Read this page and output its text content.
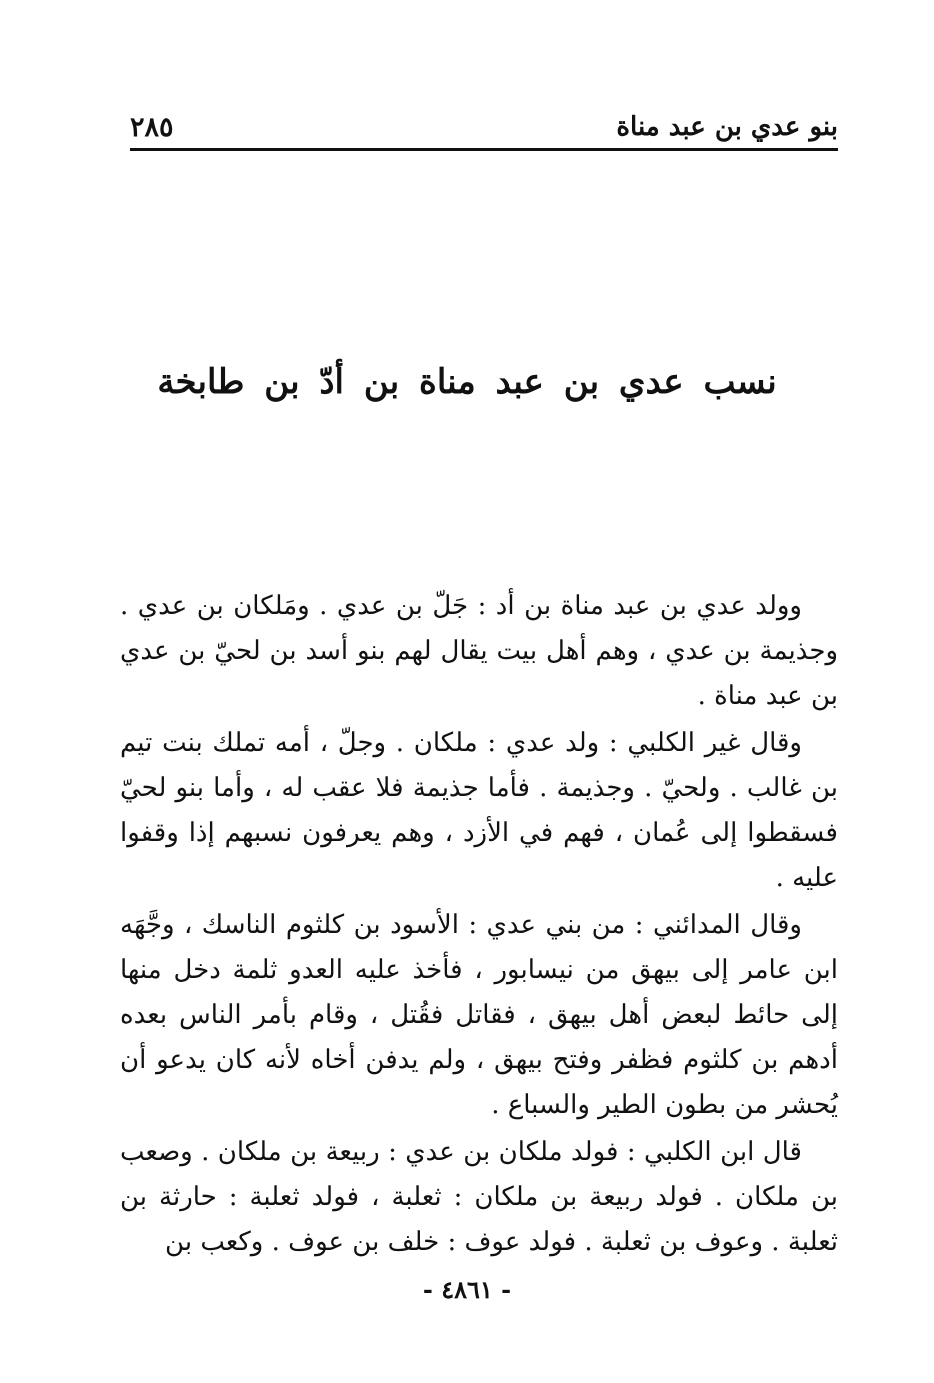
بنو عدي بن عبد مناة
٢٨٥
نسب عدي بن عبد مناة بن أدّ بن طابخة

وولد عدي بن عبد مناة بن أد : جَلّ بن عدي . ومَلكان بن عدي . وجذيمة بن عدي ، وهم أهل بيت يقال لهم بنو أسد بن لحيّ بن عدي بن عبد مناة .

وقال غير الكلبي : ولد عدي : ملكان . وجلّ ، أمه تملك بنت تيم بن غالب . ولحيّ . وجذيمة . فأما جذيمة فلا عقب له ، وأما بنو لحيّ فسقطوا إلى عُمان ، فهم في الأزد ، وهم يعرفون نسبهم إذا وقفوا عليه .

وقال المدائني : من بني عدي : الأسود بن كلثوم الناسك ، وجَّهَه ابن عامر إلى بيهق من نيسابور ، فأخذ عليه العدو ثلمة دخل منها إلى حائط لبعض أهل بيهق ، فقاتل فقُتل ، وقام بأمر الناس بعده أدهم بن كلثوم فظفر وفتح بيهق ، ولم يدفن أخاه لأنه كان يدعو أن يُحشر من بطون الطير والسباع .

قال ابن الكلبي : فولد ملكان بن عدي : ربيعة بن ملكان . وصعب بن ملكان . فولد ربيعة بن ملكان : ثعلبة ، فولد ثعلبة : حارثة بن ثعلبة . وعوف بن ثعلبة . فولد عوف : خلف بن عوف . وكعب بن

- ٤٨٦١ -
